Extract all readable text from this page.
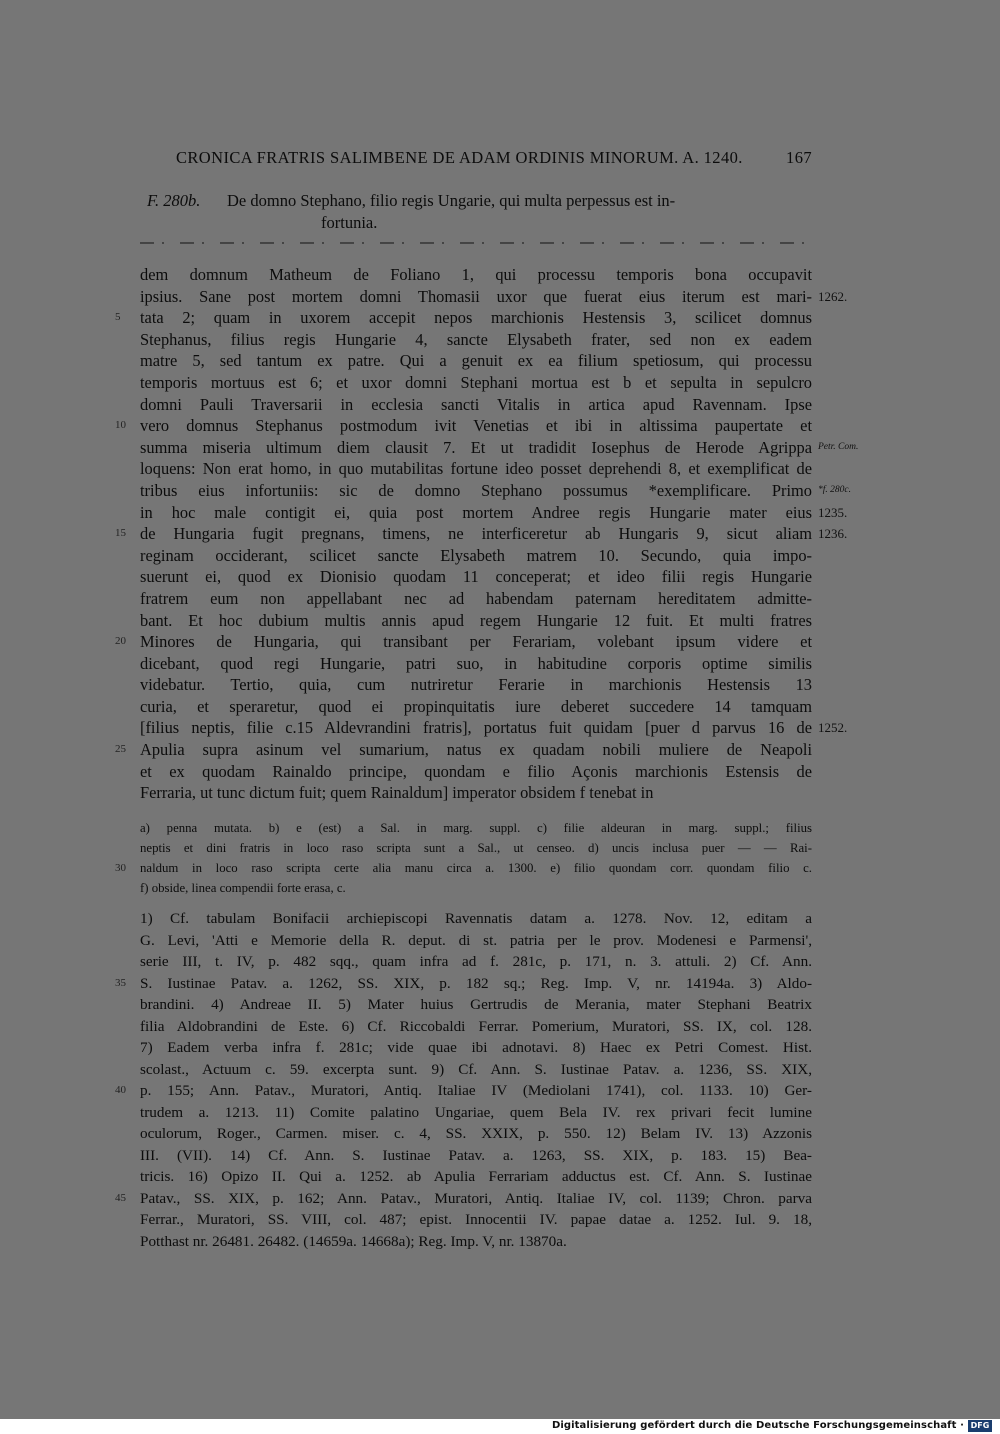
CRONICA FRATRIS SALIMBENE DE ADAM ORDINIS MINORUM. A. 1240.	167
F. 280b. De domno Stephano, filio regis Ungarie, qui multa perpessus est in-
fortunia.
dem domnum Matheum de Foliano 1, qui processu temporis bona occupavit
ipsius. Sane post mortem domni Thomasii uxor que fuerat eius iterum est mari- 1262.
tata 2; quam in uxorem accepit nepos marchionis Hestensis 3, scilicet domnus
5
Stephanus, filius regis Hungarie 4, sancte Elysabeth frater, sed non ex eadem
matre 5, sed tantum ex patre. Qui a genuit ex ea filium spetiosum, qui processu
temporis mortuus est 6; et uxor domni Stephani mortua est b et sepulta in sepulcro
domni Pauli Traversarii in ecclesia sancti Vitalis in artica apud Ravennam. Ipse
vero domnus Stephanus postmodum ivit Venetias et ibi in altissima paupertate et
10
summa miseria ultimum diem clausit 7. Et ut tradidit Iosephus de Herode Agrippa Petr. Com.
loquens: Non erat homo, in quo mutabilitas fortune ideo posset deprehendi 8, et exemplificat de
tribus eius infortuniis: sic de domno Stephano possumus *exemplificare. Primo *f. 280c.
in hoc male contigit ei, quia post mortem Andree regis Hungarie mater eius 1235.
de Hungaria fugit pregnans, timens, ne interficeretur ab Hungaris 9, sicut aliam
15	1236.
reginam occiderant, scilicet sancte Elysabeth matrem 10. Secundo, quia impo-
suerunt ei, quod ex Dionisio quodam 11 conceperat; et ideo filii regis Hungarie
fratrem eum non appellabant nec ad habendam paternam hereditatem admitte-
bant. Et hoc dubium multis annis apud regem Hungarie 12 fuit. Et multi fratres
Minores de Hungaria, qui transibant per Ferariam, volebant ipsum videre et
20
dicebant, quod regi Hungarie, patri suo, in habitudine corporis optime similis
videbatur. Tertio, quia, cum nutriretur Ferarie in marchionis Hestensis 13
curia, et speraretur, quod ei propinquitatis iure deberet succedere 14 tamquam
[filius neptis, filie c.15 Aldevrandini fratris], portatus fuit quidam [puer d parvus 16 de 1252.
Apulia supra asinum vel sumarium, natus ex quadam nobili muliere de Neapoli
25
et ex quodam Rainaldo principe, quondam e filio Açonis marchionis Estensis de
Ferraria, ut tunc dictum fuit; quem Rainaldum] imperator obsidem f tenebat in
a) penna mutata. b) e (est) a Sal. in marg. suppl. c) filie aldeuran in marg. suppl.; filius
neptis et dini fratris in loco raso scripta sunt a Sal., ut censeo. d) uncis inclusa puer — — Rai-
naldum in loco raso scripta certe alia manu circa a. 1300. e) filio quondam corr. quondam filio c.
30
f) obside, linea compendii forte erasa, c.
1) Cf. tabulam Bonifacii archiepiscopi Ravennatis datam a. 1278. Nov. 12, editam a
G. Levi, 'Atti e Memorie della R. deput. di st. patria per le prov. Modenesi e Parmensi',
serie III, t. IV, p. 482 sqq., quam infra ad f. 281c, p. 171, n. 3. attuli. 2) Cf. Ann.
S. Iustinae Patav. a. 1262, SS. XIX, p. 182 sq.; Reg. Imp. V, nr. 14194a. 3) Aldo-
35
brandini. 4) Andreae II. 5) Mater huius Gertrudis de Merania, mater Stephani Beatrix
filia Aldobrandini de Este. 6) Cf. Riccobaldi Ferrar. Pomerium, Muratori, SS. IX, col. 128.
7) Eadem verba infra f. 281c; vide quae ibi adnotavi. 8) Haec ex Petri Comest. Hist.
scolast., Actuum c. 59. excerpta sunt. 9) Cf. Ann. S. Iustinae Patav. a. 1236, SS. XIX,
p. 155; Ann. Patav., Muratori, Antiq. Italiae IV (Mediolani 1741), col. 1133. 10) Ger-
40
trudem a. 1213. 11) Comite palatino Ungariae, quem Bela IV. rex privari fecit lumine
oculorum, Roger., Carmen. miser. c. 4, SS. XXIX, p. 550. 12) Belam IV. 13) Azzonis
III. (VII). 14) Cf. Ann. S. Iustinae Patav. a. 1263, SS. XIX, p. 183. 15) Bea-
tricis. 16) Opizo II. Qui a. 1252. ab Apulia Ferrariam adductus est. Cf. Ann. S. Iustinae
Patav., SS. XIX, p. 162; Ann. Patav., Muratori, Antiq. Italiae IV, col. 1139; Chron. parva
45
Ferrar., Muratori, SS. VIII, col. 487; epist. Innocentii IV. papae datae a. 1252. Iul. 9. 18,
Potthast nr. 26481. 26482. (14659a. 14668a); Reg. Imp. V, nr. 13870a.
Digitalisierung gefördert durch die Deutsche Forschungsgemeinschaft · DFG
